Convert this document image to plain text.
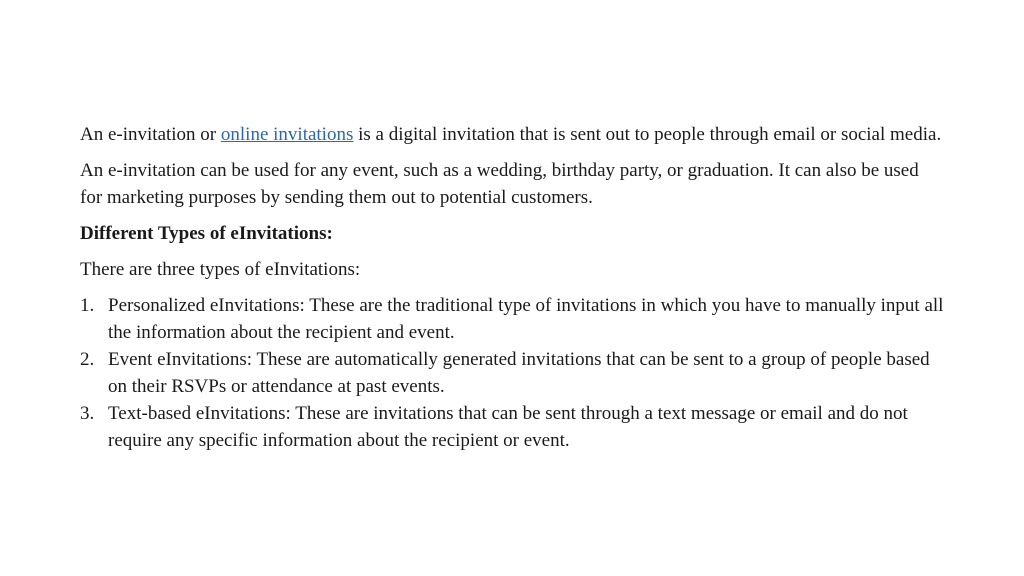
An e-invitation or online invitations is a digital invitation that is sent out to people through email or social media.

An e-invitation can be used for any event, such as a wedding, birthday party, or graduation. It can also be used for marketing purposes by sending them out to potential customers.

Different Types of eInvitations:

There are three types of eInvitations:

1. Personalized eInvitations: These are the traditional type of invitations in which you have to manually input all the information about the recipient and event.
2. Event eInvitations: These are automatically generated invitations that can be sent to a group of people based on their RSVPs or attendance at past events.
3. Text-based eInvitations: These are invitations that can be sent through a text message or email and do not require any specific information about the recipient or event.
